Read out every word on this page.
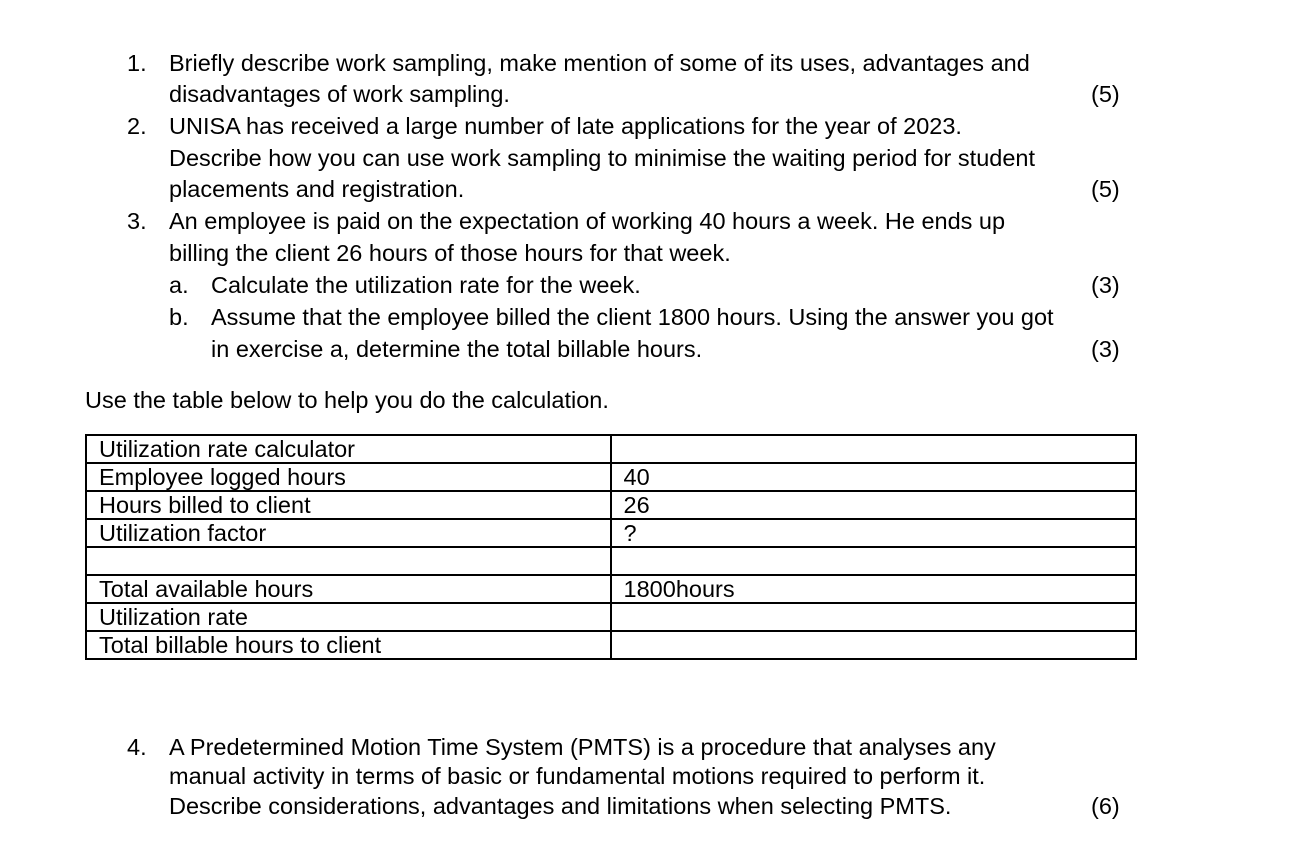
1. Briefly describe work sampling, make mention of some of its uses, advantages and
disadvantages of work sampling.	(5)
2. UNISA has received a large number of late applications for the year of 2023.
Describe how you can use work sampling to minimise the waiting period for student
placements and registration.	(5)
3. An employee is paid on the expectation of working 40 hours a week. He ends up
billing the client 26 hours of those hours for that week.
a. Calculate the utilization rate for the week.	(3)
b. Assume that the employee billed the client 1800 hours. Using the answer you got
in exercise a, determine the total billable hours.	(3)
Use the table below to help you do the calculation.
Utilization rate calculator	
Employee logged hours	40
Hours billed to client	26
Utilization factor	?

Total available hours	1800hours
Utilization rate	
Total billable hours to client	
4. A Predetermined Motion Time System (PMTS) is a procedure that analyses any
manual activity in terms of basic or fundamental motions required to perform it.
Describe considerations, advantages and limitations when selecting PMTS.	(6)
